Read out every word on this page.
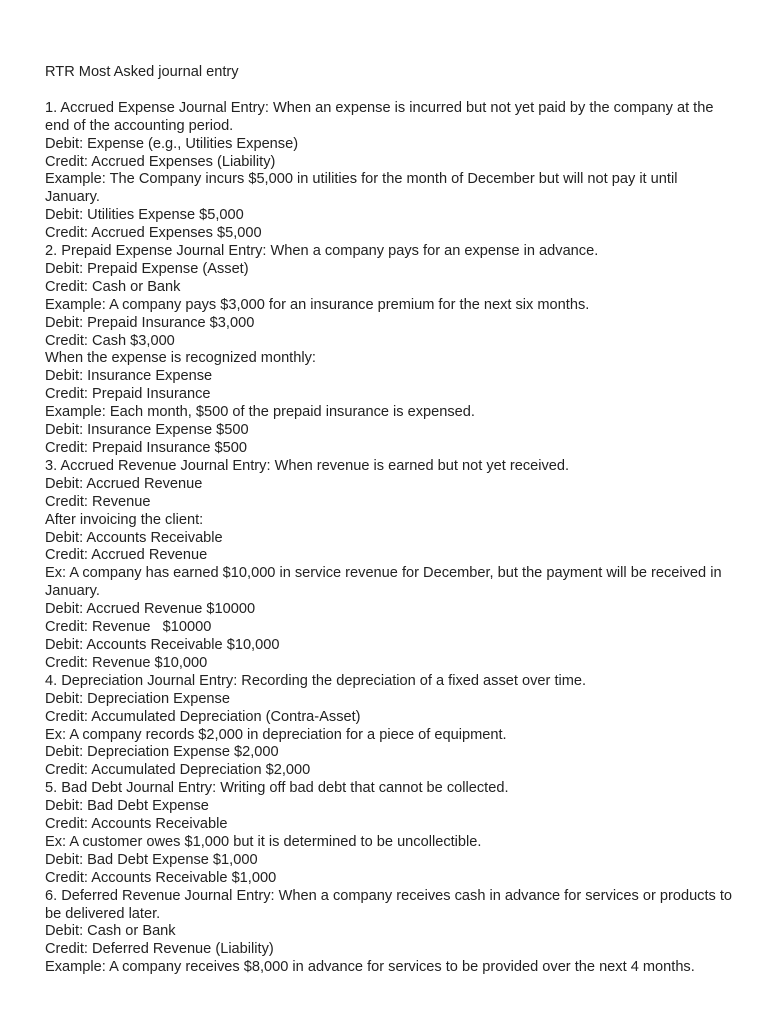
RTR Most Asked journal entry

1. Accrued Expense Journal Entry: When an expense is incurred but not yet paid by the company at the end of the accounting period.

Debit: Expense (e.g., Utilities Expense)

Credit: Accrued Expenses (Liability)

Example: The Company incurs $5,000 in utilities for the month of December but will not pay it until January.

Debit: Utilities Expense $5,000

Credit: Accrued Expenses $5,000

2. Prepaid Expense Journal Entry: When a company pays for an expense in advance.

Debit: Prepaid Expense (Asset)

Credit: Cash or Bank

Example: A company pays $3,000 for an insurance premium for the next six months.

Debit: Prepaid Insurance $3,000

Credit: Cash $3,000

When the expense is recognized monthly:

Debit: Insurance Expense

Credit: Prepaid Insurance

Example: Each month, $500 of the prepaid insurance is expensed.

Debit: Insurance Expense $500

Credit: Prepaid Insurance $500

3. Accrued Revenue Journal Entry: When revenue is earned but not yet received.

Debit: Accrued Revenue

Credit: Revenue

After invoicing the client:

Debit: Accounts Receivable

Credit: Accrued Revenue

Ex: A company has earned $10,000 in service revenue for December, but the payment will be received in January.

Debit: Accrued Revenue $10000

Credit: Revenue   $10000

Debit: Accounts Receivable $10,000

Credit: Revenue $10,000

4. Depreciation Journal Entry: Recording the depreciation of a fixed asset over time.

Debit: Depreciation Expense

Credit: Accumulated Depreciation (Contra-Asset)

Ex: A company records $2,000 in depreciation for a piece of equipment.

Debit: Depreciation Expense $2,000

Credit: Accumulated Depreciation $2,000

5. Bad Debt Journal Entry: Writing off bad debt that cannot be collected.

Debit: Bad Debt Expense

Credit: Accounts Receivable

Ex: A customer owes $1,000 but it is determined to be uncollectible.

Debit: Bad Debt Expense $1,000

Credit: Accounts Receivable $1,000

6. Deferred Revenue Journal Entry: When a company receives cash in advance for services or products to be delivered later.

Debit: Cash or Bank

Credit: Deferred Revenue (Liability)

Example: A company receives $8,000 in advance for services to be provided over the next 4 months.
